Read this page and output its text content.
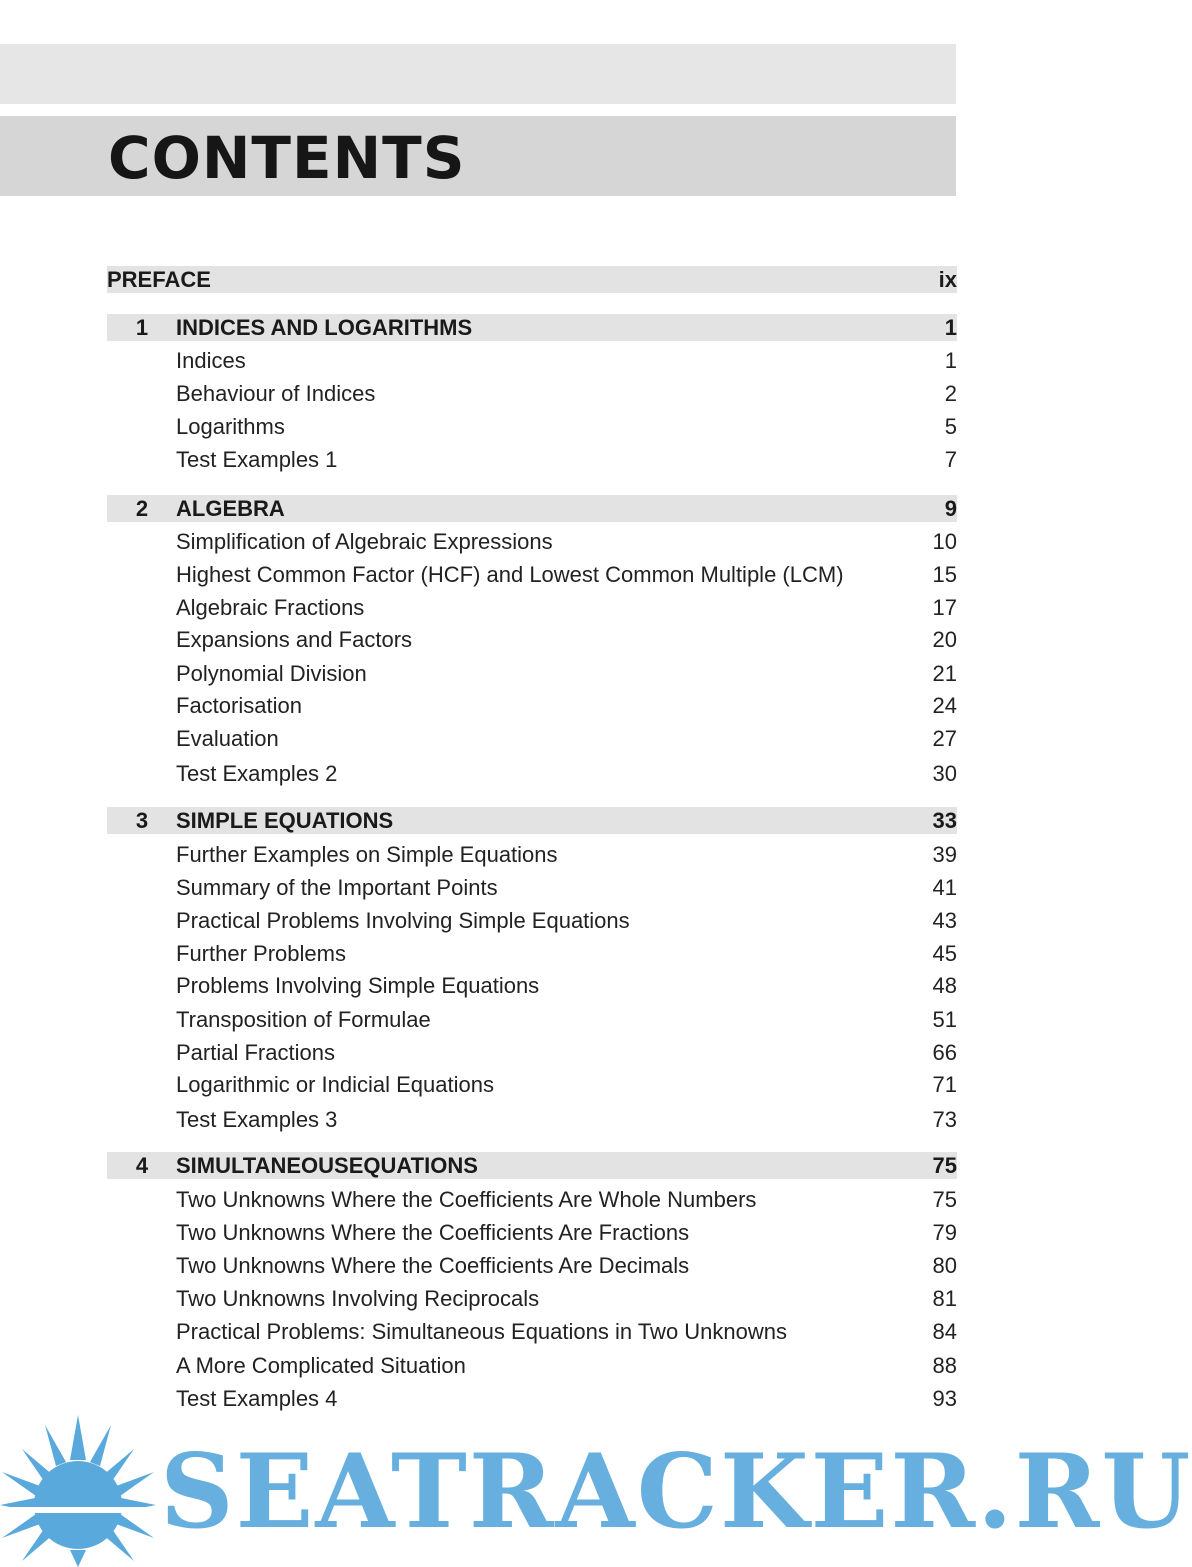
CONTENTS
PREFACE	ix
1	INDICES AND LOGARITHMS	1
Indices	1
Behaviour of Indices	2
Logarithms	5
Test Examples 1	7
2	ALGEBRA	9
Simplification of Algebraic Expressions	10
Highest Common Factor (HCF) and Lowest Common Multiple (LCM)	15
Algebraic Fractions	17
Expansions and Factors	20
Polynomial Division	21
Factorisation	24
Evaluation	27
Test Examples 2	30
3	SIMPLE EQUATIONS	33
Further Examples on Simple Equations	39
Summary of the Important Points	41
Practical Problems Involving Simple Equations	43
Further Problems	45
Problems Involving Simple Equations	48
Transposition of Formulae	51
Partial Fractions	66
Logarithmic or Indicial Equations	71
Test Examples 3	73
4	SIMULTANEOUSEQUATIONS	75
Two Unknowns Where the Coefficients Are Whole Numbers	75
Two Unknowns Where the Coefficients Are Fractions	79
Two Unknowns Where the Coefficients Are Decimals	80
Two Unknowns Involving Reciprocals	81
Practical Problems: Simultaneous Equations in Two Unknowns	84
A More Complicated Situation	88
Test Examples 4	93

SEATRACKER.RU
